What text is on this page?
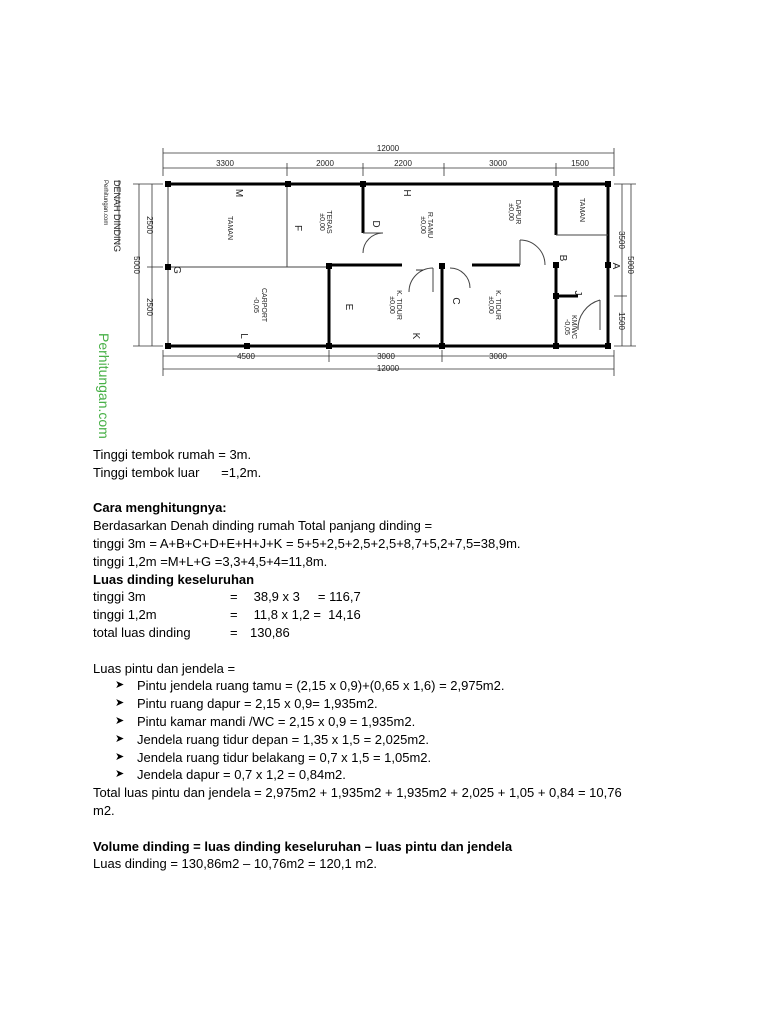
12000
3300	2000	2200	3000	1500
4500	3000	3000
12000
2500
2500
5000
3500
1500
5000
M
F
D
H
I
C
B
A
J
E
K
L
G
TAMAN	TERAS
±0,00	R.TAMU
±0,00
DAPUR
±0,00	TAMAN
CARPORT
-0,05	K. TIDUR
±0,00	K. TIDUR
±0,00
KM/WC
-0,05
DENAH DINDING
Perhitungan.com
Perhitungan.com
Tinggi tembok rumah = 3m.
Tinggi tembok luar      =1,2m.
Cara menghitungnya:
Berdasarkan Denah dinding rumah Total panjang dinding =
tinggi 3m = A+B+C+D+E+H+J+K = 5+5+2,5+2,5+2,5+8,7+5,2+7,5=38,9m.
tinggi 1,2m =M+L+G =3,3+4,5+4=11,8m.
Luas dinding keseluruhan
tinggi 3m	= 38,9 x 3     = 116,7
tinggi 1,2m	= 11,8 x 1,2 =  14,16
total luas dinding	= 130,86
Luas pintu dan jendela =
➤ Pintu jendela ruang tamu = (2,15 x 0,9)+(0,65 x 1,6) = 2,975m2.
➤ Pintu ruang dapur = 2,15 x 0,9= 1,935m2.
➤ Pintu kamar mandi /WC = 2,15 x 0,9 = 1,935m2.
➤ Jendela ruang tidur depan = 1,35 x 1,5 = 2,025m2.
➤ Jendela ruang tidur belakang = 0,7 x 1,5 = 1,05m2.
➤ Jendela dapur = 0,7 x 1,2 = 0,84m2.
Total luas pintu dan jendela = 2,975m2 + 1,935m2 + 1,935m2 + 2,025 + 1,05 + 0,84 = 10,76
m2.
Volume dinding = luas dinding keseluruhan – luas pintu dan jendela
Luas dinding = 130,86m2 – 10,76m2 = 120,1 m2.
